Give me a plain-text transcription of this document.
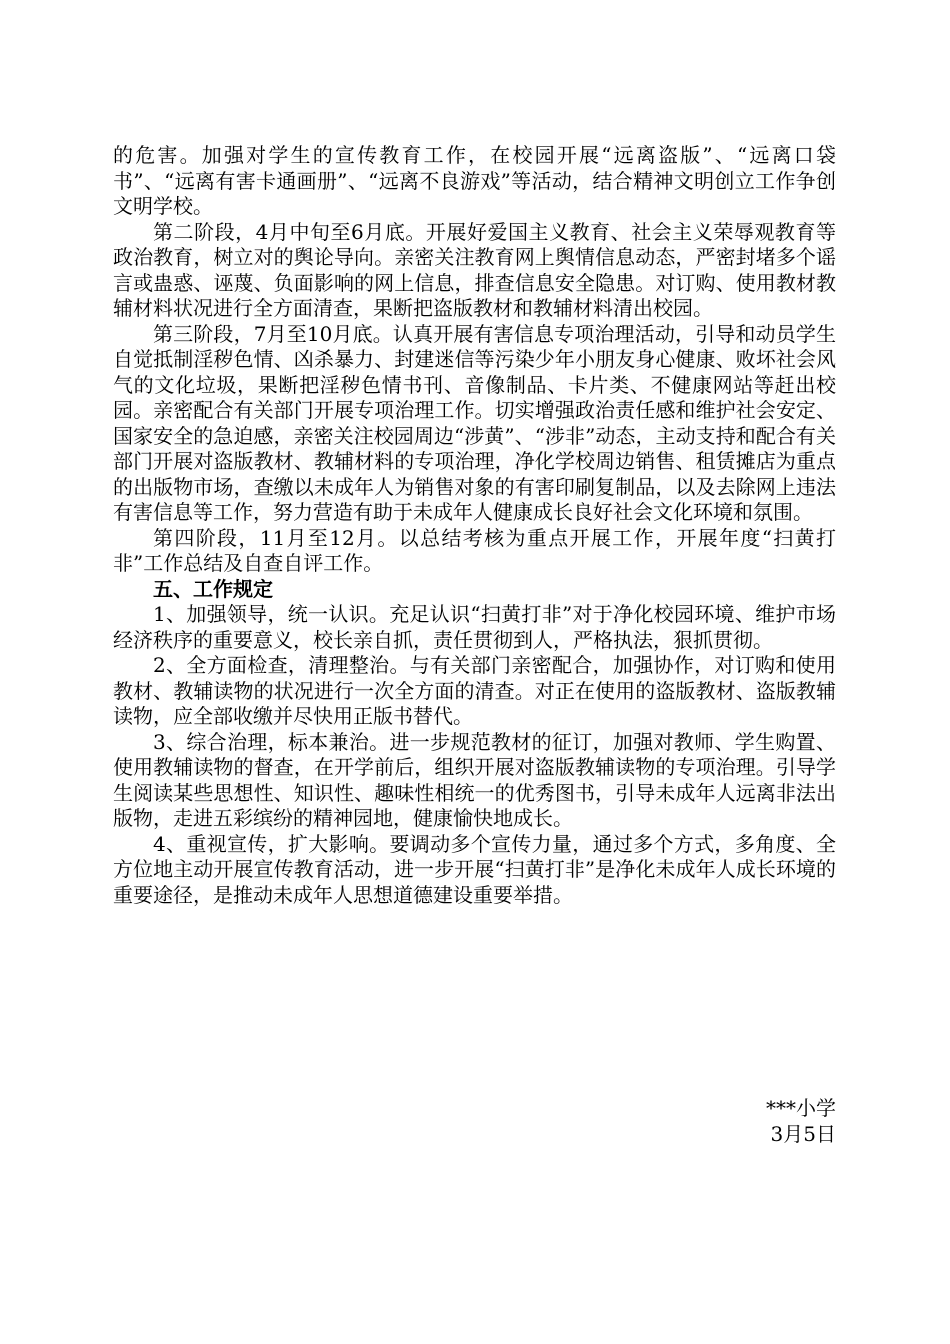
的危害。加强对学生的宣传教育工作，在校园开展“远离盗版”、“远离口袋书”、“远离有害卡通画册”、“远离不良游戏”等活动，结合精神文明创立工作争创文明学校。

第二阶段，4月中旬至6月底。开展好爱国主义教育、社会主义荣辱观教育等政治教育，树立对的舆论导向。亲密关注教育网上舆情信息动态，严密封堵多个谣言或蛊惑、诬蔑、负面影响的网上信息，排查信息安全隐患。对订购、使用教材教辅材料状况进行全方面清查，果断把盗版教材和教辅材料清出校园。

第三阶段，7月至10月底。认真开展有害信息专项治理活动，引导和动员学生自觉抵制淫秽色情、凶杀暴力、封建迷信等污染少年小朋友身心健康、败坏社会风气的文化垃圾，果断把淫秽色情书刊、音像制品、卡片类、不健康网站等赶出校园。亲密配合有关部门开展专项治理工作。切实增强政治责任感和维护社会安定、国家安全的急迫感，亲密关注校园周边“涉黄”、“涉非”动态，主动支持和配合有关部门开展对盗版教材、教辅材料的专项治理，净化学校周边销售、租赁摊店为重点的出版物市场，查缴以未成年人为销售对象的有害印刷复制品，以及去除网上违法有害信息等工作，努力营造有助于未成年人健康成长良好社会文化环境和氛围。

第四阶段，11月至12月。以总结考核为重点开展工作，开展年度“扫黄打非”工作总结及自查自评工作。

五、工作规定

1、加强领导，统一认识。充足认识“扫黄打非”对于净化校园环境、维护市场经济秩序的重要意义，校长亲自抓，责任贯彻到人，严格执法，狠抓贯彻。

2、全方面检查，清理整治。与有关部门亲密配合，加强协作，对订购和使用教材、教辅读物的状况进行一次全方面的清查。对正在使用的盗版教材、盗版教辅读物，应全部收缴并尽快用正版书替代。

3、综合治理，标本兼治。进一步规范教材的征订，加强对教师、学生购置、使用教辅读物的督查，在开学前后，组织开展对盗版教辅读物的专项治理。引导学生阅读某些思想性、知识性、趣味性相统一的优秀图书，引导未成年人远离非法出版物，走进五彩缤纷的精神园地，健康愉快地成长。

4、重视宣传，扩大影响。要调动多个宣传力量，通过多个方式，多角度、全方位地主动开展宣传教育活动，进一步开展“扫黄打非”是净化未成年人成长环境的重要途径，是推动未成年人思想道德建设重要举措。

***小学
3月5日
